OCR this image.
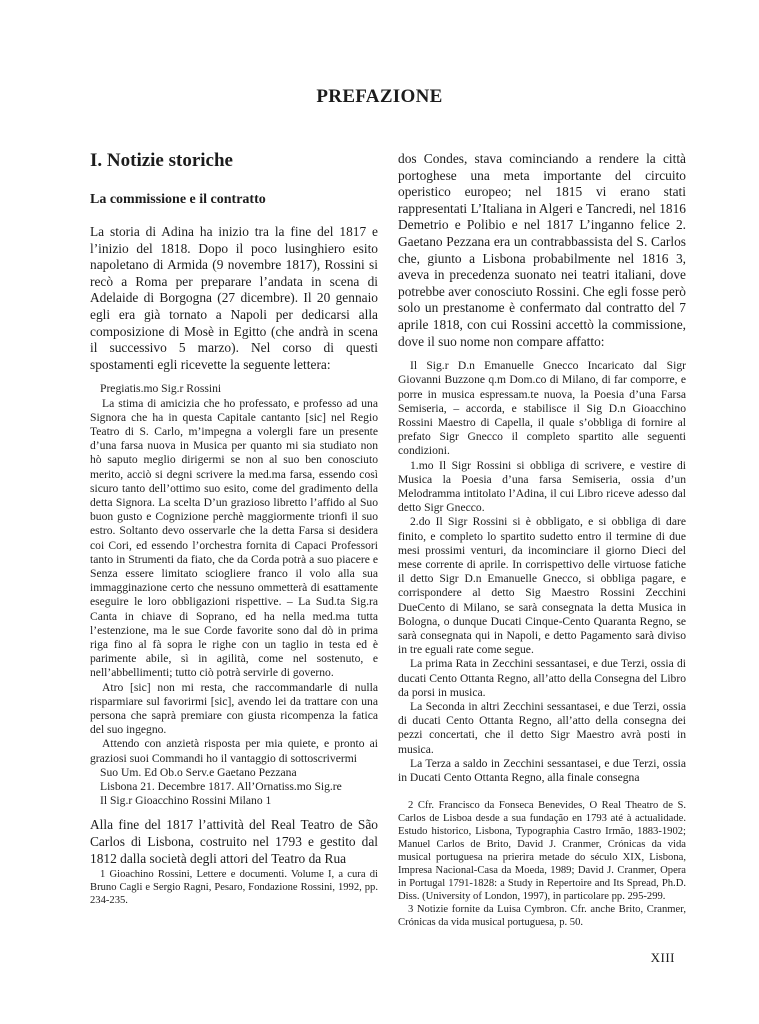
PREFAZIONE
I. Notizie storiche
La commissione e il contratto

La storia di Adina ha inizio tra la fine del 1817 e l’inizio del 1818. Dopo il poco lusinghiero esito napoletano di Armida (9 novembre 1817), Rossini si recò a Roma per preparare l’andata in scena di Adelaide di Borgogna (27 dicembre). Il 20 gennaio egli era già tornato a Napoli per dedicarsi alla composizione di Mosè in Egitto (che andrà in scena il successivo 5 marzo). Nel corso di questi spostamenti egli ricevette la seguente lettera:

Pregiatis.mo Sig.r Rossini

La stima di amicizia che ho professato, e professo ad una Signora che ha in questa Capitale cantanto [sic] nel Regio Teatro di S. Carlo, m’impegna a volergli fare un presente d’una farsa nuova in Musica per quanto mi sia studiato non hò saputo meglio dirigermi se non al suo ben conosciuto merito, acciò si degni scrivere la med.ma farsa, essendo così sicuro tanto dell’ottimo suo esito, come del gradimento della detta Signora. La scelta D’un grazioso libretto l’affido al Suo buon gusto e Cognizione perchè maggiormente trionfi il suo estro. Soltanto devo osservarle che la detta Farsa si desidera coi Cori, ed essendo l’orchestra fornita di Capaci Professori tanto in Strumenti da fiato, che da Corda potrà a suo piacere e Senza essere limitato sciogliere franco il volo alla sua immagginazione certo che nessuno ommetterà di esattamente eseguire le loro obbligazioni rispettive. – La Sud.ta Sig.ra Canta in chiave di Soprano, ed ha nella med.ma tutta l’estenzione, ma le sue Corde favorite sono dal dò in prima riga fino al fà sopra le righe con un taglio in testa ed è parimente abile, sì in agilità, come nel sostenuto, e nell’abbellimenti; tutto ciò potrà servirle di governo.

Atro [sic] non mi resta, che raccommandarle di nulla risparmiare sul favorirmi [sic], avendo lei da trattare con una persona che saprà premiare con giusta ricompenza la fatica del suo ingegno.

Attendo con anzietà risposta per mia quiete, e pronto ai graziosi suoi Commandi ho il vantaggio di sottoscrivermi

Suo Um. Ed Ob.o Serv.e Gaetano Pezzana

Lisbona 21. Decembre 1817. All’Ornatiss.mo Sig.re

Il Sig.r Gioacchino Rossini Milano 1

Alla fine del 1817 l’attività del Real Teatro de São Carlos di Lisbona, costruito nel 1793 e gestito dal 1812 dalla società degli attori del Teatro da Rua

1 Gioachino Rossini, Lettere e documenti. Volume I, a cura di Bruno Cagli e Sergio Ragni, Pesaro, Fondazione Rossini, 1992, pp. 234-235.

dos Condes, stava cominciando a rendere la città portoghese una meta importante del circuito operistico europeo; nel 1815 vi erano stati rappresentati L’Italiana in Algeri e Tancredi, nel 1816 Demetrio e Polibio e nel 1817 L’inganno felice 2. Gaetano Pezzana era un contrabbassista del S. Carlos che, giunto a Lisbona probabilmente nel 1816 3, aveva in precedenza suonato nei teatri italiani, dove potrebbe aver conosciuto Rossini. Che egli fosse però solo un prestanome è confermato dal contratto del 7 aprile 1818, con cui Rossini accettò la commissione, dove il suo nome non compare affatto:

Il Sig.r D.n Emanuelle Gnecco Incaricato dal Sigr Giovanni Buzzone q.m Dom.co di Milano, di far comporre, e porre in musica espressam.te nuova, la Poesia d’una Farsa Semiseria, – accorda, e stabilisce il Sig D.n Gioacchino Rossini Maestro di Capella, il quale s’obbliga di fornire al prefato Sigr Gnecco il completo spartito alle seguenti condizioni.

1.mo Il Sigr Rossini si obbliga di scrivere, e vestire di Musica la Poesia d’una farsa Semiseria, ossia d’un Melodramma intitolato l’Adina, il cui Libro riceve adesso dal detto Sigr Gnecco.

2.do Il Sigr Rossini si è obbligato, e si obbliga di dare finito, e completo lo spartito sudetto entro il termine di due mesi prossimi venturi, da incominciare il giorno Dieci del mese corrente di aprile. In corrispettivo delle virtuose fatiche il detto Sigr D.n Emanuelle Gnecco, si obbliga pagare, e corrispondere al detto Sig Maestro Rossini Zecchini DueCento di Milano, se sarà consegnata la detta Musica in Bologna, o dunque Ducati Cinque-Cento Quaranta Regno, se sarà consegnata qui in Napoli, e detto Pagamento sarà diviso in tre eguali rate come segue.

La prima Rata in Zecchini sessantasei, e due Terzi, ossia di ducati Cento Ottanta Regno, all’atto della Consegna del Libro da porsi in musica.

La Seconda in altri Zecchini sessantasei, e due Terzi, ossia di ducati Cento Ottanta Regno, all’atto della consegna dei pezzi concertati, che il detto Sigr Maestro avrà posti in musica.

La Terza a saldo in Zecchini sessantasei, e due Terzi, ossia in Ducati Cento Ottanta Regno, alla finale consegna

2 Cfr. Francisco da Fonseca Benevides, O Real Theatro de S. Carlos de Lisboa desde a sua fundação en 1793 até à actualidade. Estudo historico, Lisbona, Typographia Castro Irmão, 1883-1902; Manuel Carlos de Brito, David J. Cranmer, Crónicas da vida musical portuguesa na prierira metade do século XIX, Lisbona, Impresa Nacional-Casa da Moeda, 1989; David J. Cranmer, Opera in Portugal 1791-1828: a Study in Repertoire and Its Spread, Ph.D. Diss. (University of London, 1997), in particolare pp. 295-299.

3 Notizie fornite da Luisa Cymbron. Cfr. anche Brito, Cranmer, Crónicas da vida musical portuguesa, p. 50.

XIII
